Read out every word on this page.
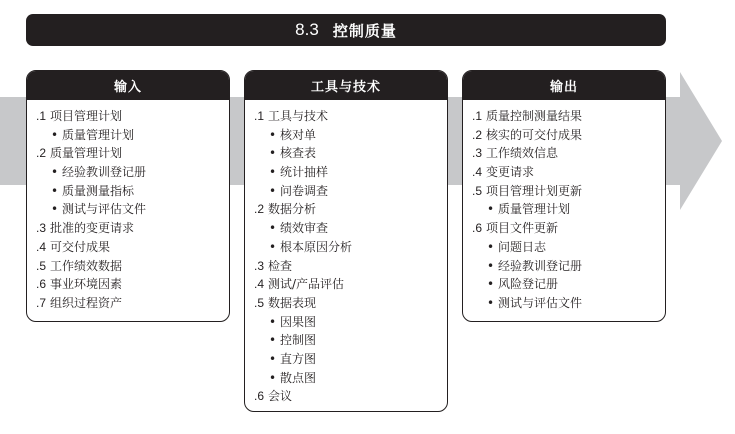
8.3 控制质量
输入
.1 项目管理计划
• 质量管理计划
.2 质量管理计划
• 经验教训登记册
• 质量测量指标
• 测试与评估文件
.3 批准的变更请求
.4 可交付成果
.5 工作绩效数据
.6 事业环境因素
.7 组织过程资产
工具与技术
.1 工具与技术
• 核对单
• 核查表
• 统计抽样
• 问卷调查
.2 数据分析
• 绩效审查
• 根本原因分析
.3 检查
.4 测试/产品评估
.5 数据表现
• 因果图
• 控制图
• 直方图
• 散点图
.6 会议
输出
.1 质量控制测量结果
.2 核实的可交付成果
.3 工作绩效信息
.4 变更请求
.5 项目管理计划更新
• 质量管理计划
.6 项目文件更新
• 问题日志
• 经验教训登记册
• 风险登记册
• 测试与评估文件
